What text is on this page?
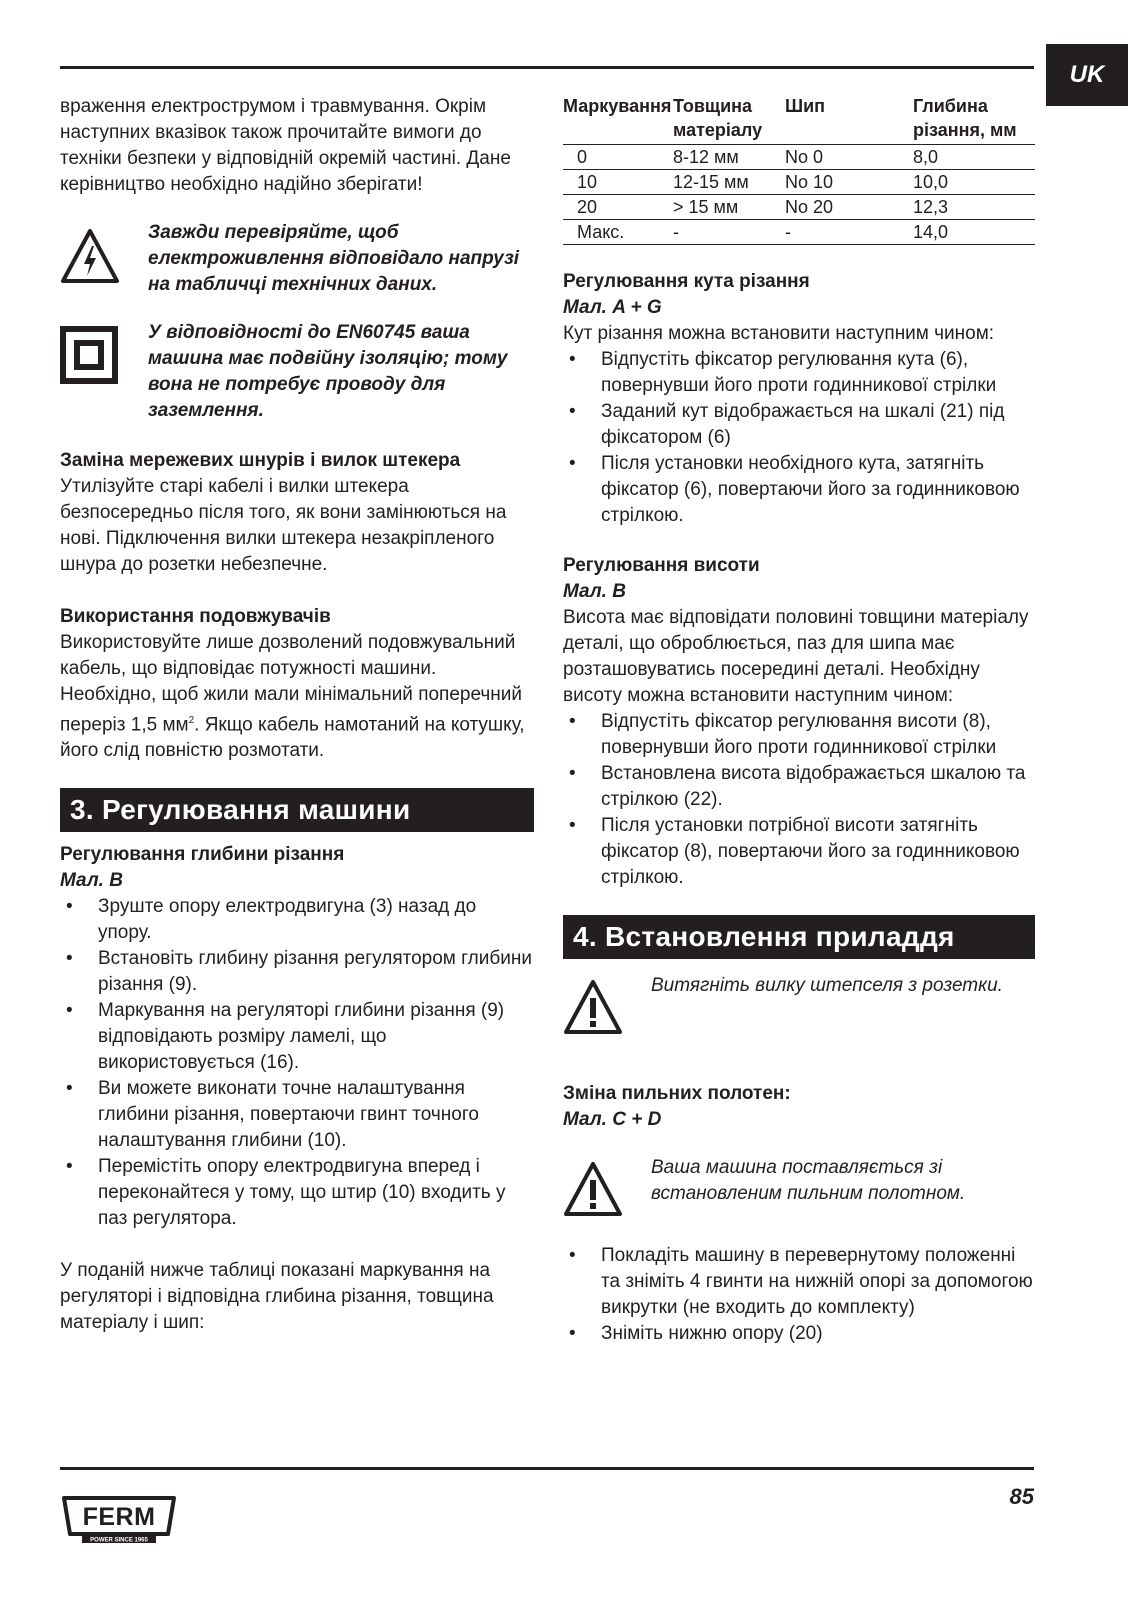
UK

враження електрострумом і травмування. Окрім наступних вказівок також прочитайте вимоги до техніки безпеки у відповідній окремій частині. Дане керівництво необхідно надійно зберігати!

Завжди перевіряйте, щоб електроживлення відповідало напрузі на табличці технічних даних.

У відповідності до EN60745 ваша машина має подвійну ізоляцію; тому вона не потребує проводу для заземлення.

Заміна мережевих шнурів і вилок штекера

Утилізуйте старі кабелі і вилки штекера безпосередньо після того, як вони замінюються на нові. Підключення вилки штекера незакріпленого шнура до розетки небезпечне.

Використання подовжувачів

Використовуйте лише дозволений подовжувальний кабель, що відповідає потужності машини. Необхідно, щоб жили мали мінімальний поперечний переріз 1,5 $мм^2$. Якщо кабель намотаний на котушку, його слід повністю розмотати.

3. Регулювання машини

Регулювання глибини різання

Мал. B

• Зруште опору електродвигуна (3) назад до упору.
• Встановіть глибину різання регулятором глибини різання (9).
• Маркування на регуляторі глибини різання (9) відповідають розміру ламелі, що використовується (16).
• Ви можете виконати точне налаштування глибини різання, повертаючи гвинт точного налаштування глибини (10).
• Перемістіть опору електродвигуна вперед і переконайтеся у тому, що штир (10) входить у паз регулятора.

У поданій нижче таблиці показані маркування на регуляторі і відповідна глибина різання, товщина матеріалу і шип:

Маркування	Товщина матеріалу	Шип	Глибина різання, мм
0	8-12 мм	No 0	8,0
10	12-15 мм	No 10	10,0
20	> 15 мм	No 20	12,3
Макс.	-	-	14,0

Регулювання кута різання

Мал. A + G

Кут різання можна встановити наступним чином:

• Відпустіть фіксатор регулювання кута (6), повернувши його проти годинникової стрілки
• Заданий кут відображається на шкалі (21) під фіксатором (6)
• Після установки необхідного кута, затягніть фіксатор (6), повертаючи його за годинниковою стрілкою.

Регулювання висоти

Мал. B

Висота має відповідати половині товщини матеріалу деталі, що оброблюється, паз для шипа має розташовуватись посередині деталі. Необхідну висоту можна встановити наступним чином:

• Відпустіть фіксатор регулювання висоти (8), повернувши його проти годинникової стрілки
• Встановлена висота відображається шкалою та стрілкою (22).
• Після установки потрібної висоти затягніть фіксатор (8), повертаючи його за годинниковою стрілкою.
4. Встановлення приладдя

Витягніть вилку штепселя з розетки.

Зміна пильних полотен:

Мал. C + D

Ваша машина поставляється зі встановленим пильним полотном.

• Покладіть машину в перевернутому положенні та зніміть 4 гвинти на нижній опорі за допомогою викрутки (не входить до комплекту)
• Зніміть нижню опору (20)
FERM
POWER SINCE 1965
85
